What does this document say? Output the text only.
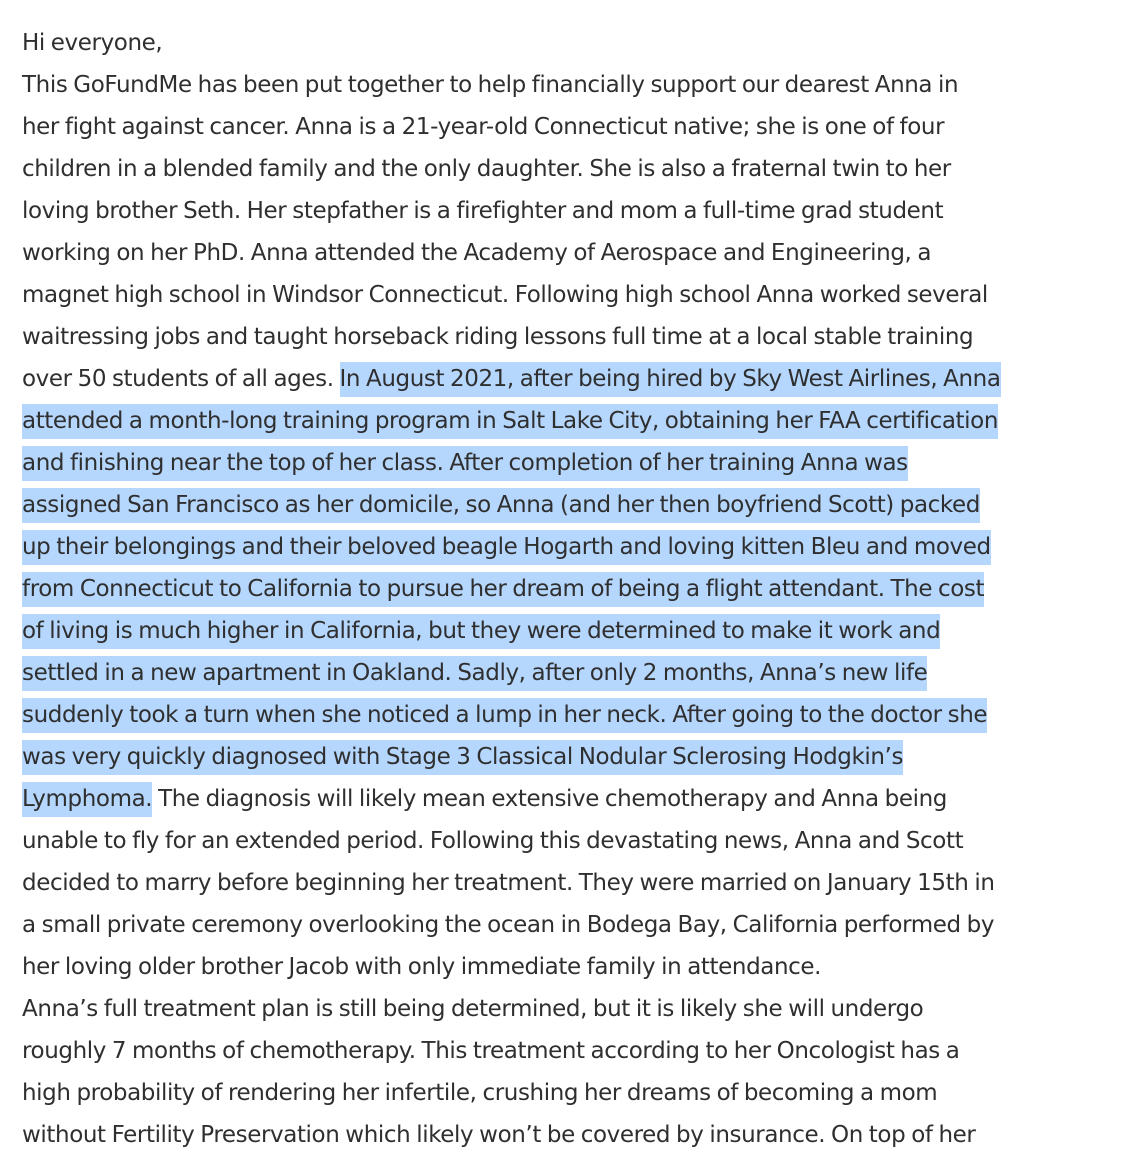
Hi everyone,
This GoFundMe has been put together to help financially support our dearest Anna in
her fight against cancer. Anna is a 21-year-old Connecticut native; she is one of four
children in a blended family and the only daughter. She is also a fraternal twin to her
loving brother Seth. Her stepfather is a firefighter and mom a full-time grad student
working on her PhD. Anna attended the Academy of Aerospace and Engineering, a
magnet high school in Windsor Connecticut. Following high school Anna worked several
waitressing jobs and taught horseback riding lessons full time at a local stable training
over 50 students of all ages. In August 2021, after being hired by Sky West Airlines, Anna
attended a month-long training program in Salt Lake City, obtaining her FAA certification
and finishing near the top of her class. After completion of her training Anna was
assigned San Francisco as her domicile, so Anna (and her then boyfriend Scott) packed
up their belongings and their beloved beagle Hogarth and loving kitten Bleu and moved
from Connecticut to California to pursue her dream of being a flight attendant. The cost
of living is much higher in California, but they were determined to make it work and
settled in a new apartment in Oakland. Sadly, after only 2 months, Anna’s new life
suddenly took a turn when she noticed a lump in her neck. After going to the doctor she
was very quickly diagnosed with Stage 3 Classical Nodular Sclerosing Hodgkin’s
Lymphoma. The diagnosis will likely mean extensive chemotherapy and Anna being
unable to fly for an extended period. Following this devastating news, Anna and Scott
decided to marry before beginning her treatment. They were married on January 15th in
a small private ceremony overlooking the ocean in Bodega Bay, California performed by
her loving older brother Jacob with only immediate family in attendance.
Anna’s full treatment plan is still being determined, but it is likely she will undergo
roughly 7 months of chemotherapy. This treatment according to her Oncologist has a
high probability of rendering her infertile, crushing her dreams of becoming a mom
without Fertility Preservation which likely won’t be covered by insurance. On top of her
